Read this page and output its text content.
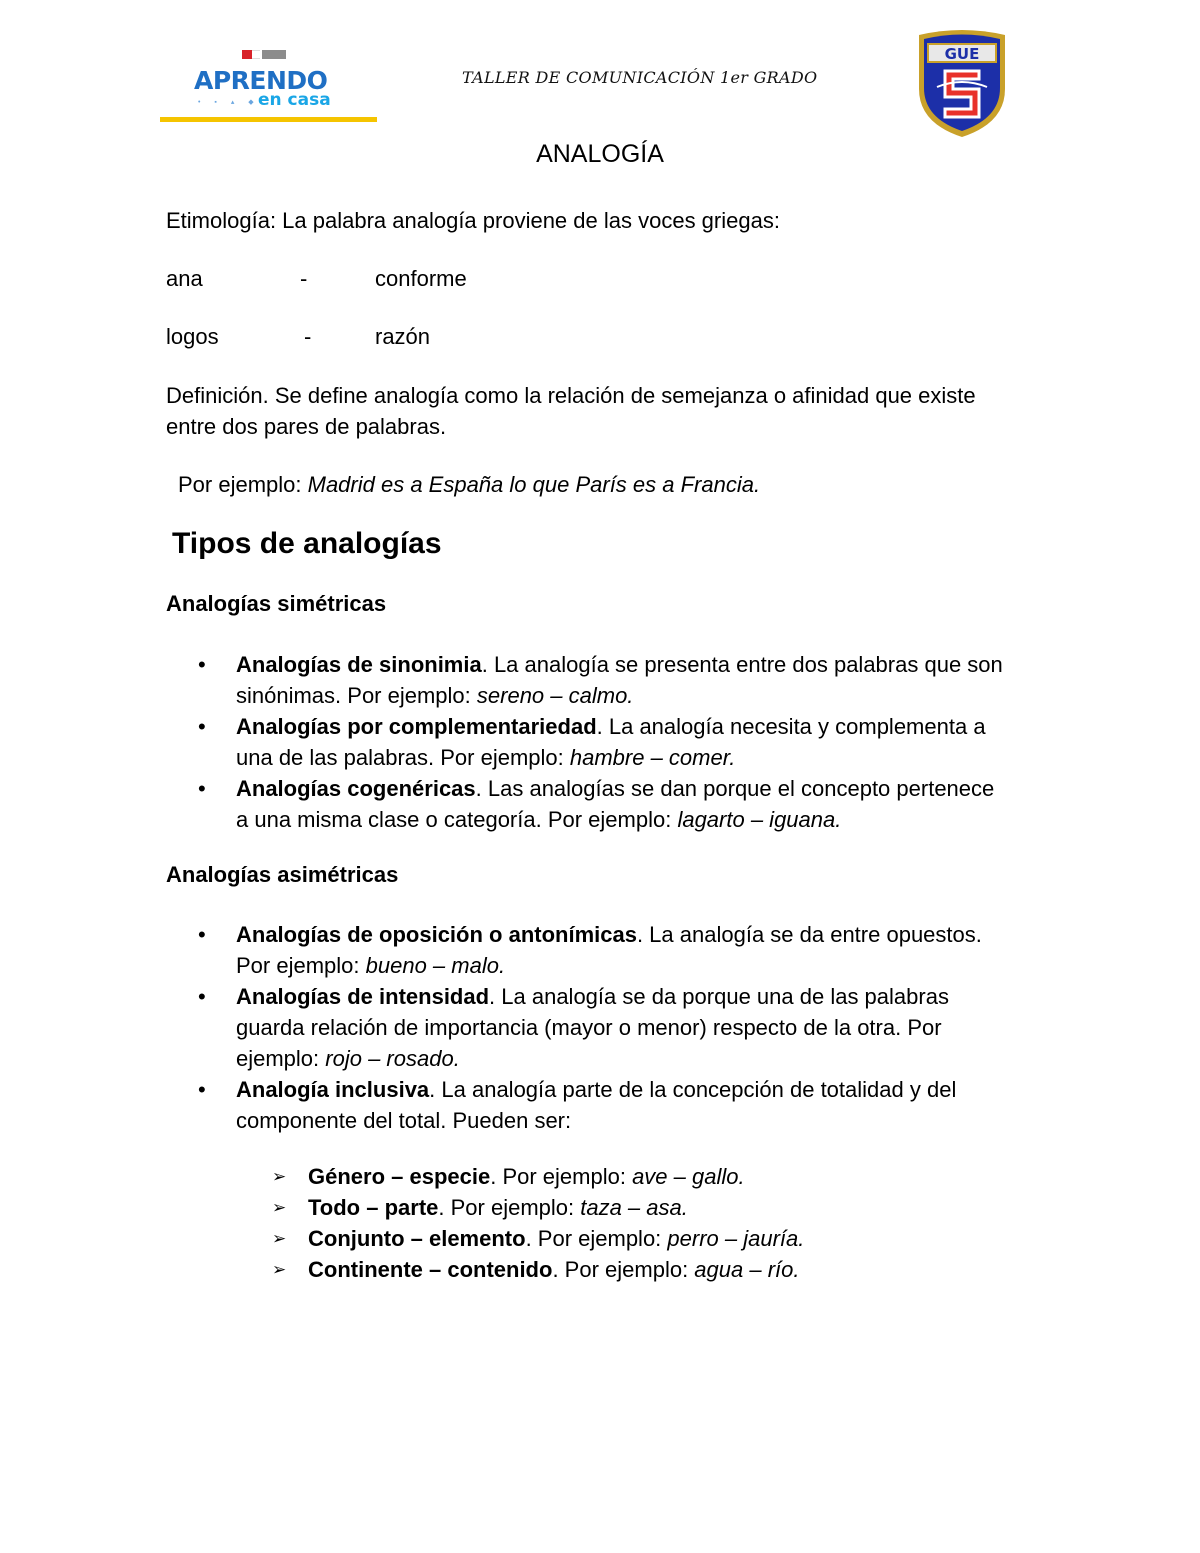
APRENDO
• ▪ ▴ ◆
en casa
TALLER DE COMUNICACIÓN 1er GRADO
GUE
ANALOGÍA
Etimología: La palabra analogía proviene de las voces griegas:
ana	-	conforme
logos	-	razón
Definición. Se define analogía como la relación de semejanza o afinidad que existe
entre dos pares de palabras.
Por ejemplo: Madrid es a España lo que París es a Francia.
Tipos de analogías
Analogías simétricas
• Analogías de sinonimia. La analogía se presenta entre dos palabras que son
sinónimas. Por ejemplo: sereno – calmo.
• Analogías por complementariedad. La analogía necesita y complementa a
una de las palabras. Por ejemplo: hambre – comer.
• Analogías cogenéricas. Las analogías se dan porque el concepto pertenece
a una misma clase o categoría. Por ejemplo: lagarto – iguana.
Analogías asimétricas
• Analogías de oposición o antonímicas. La analogía se da entre opuestos.
Por ejemplo: bueno – malo.
• Analogías de intensidad. La analogía se da porque una de las palabras
guarda relación de importancia (mayor o menor) respecto de la otra. Por
ejemplo: rojo – rosado.
• Analogía inclusiva. La analogía parte de la concepción de totalidad y del
componente del total. Pueden ser:
➢ Género – especie. Por ejemplo: ave – gallo.
➢ Todo – parte. Por ejemplo: taza – asa.
➢ Conjunto – elemento. Por ejemplo: perro – jauría.
➢ Continente – contenido. Por ejemplo: agua – río.
